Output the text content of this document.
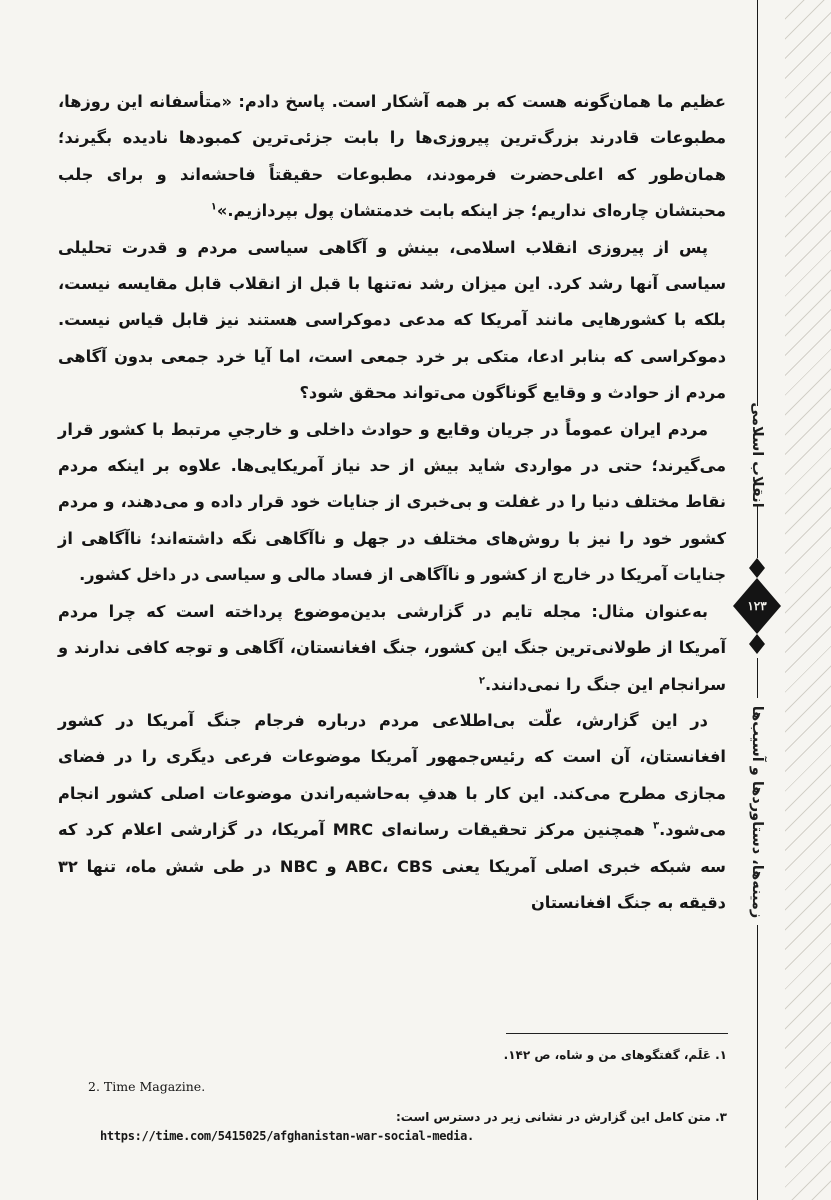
عظیم ما همان‌گونه هست که بر همه آشکار است. پاسخ دادم: «متأسفانه این روزها، مطبوعات قادرند بزرگ‌ترین پیروزی‌ها را بابت جزئی‌ترین کمبودها نادیده بگیرند؛ همان‌طور که اعلی‌حضرت فرمودند، مطبوعات حقیقتاً فاحشه‌اند و برای جلب محبتشان چاره‌ای نداریم؛ جز اینکه بابت خدمتشان پول بپردازیم.»$^۱$

پس از پیروزی انقلاب اسلامی، بینش و آگاهی سیاسی مردم و قدرت تحلیلی سیاسی آنها رشد کرد. این میزان رشد نه‌تنها با قبل از انقلاب قابل مقایسه نیست، بلکه با کشورهایی مانند آمریکا که مدعی دموکراسی هستند نیز قابل قیاس نیست. دموکراسی که بنابر ادعا، متکی بر خرد جمعی است، اما آیا خرد جمعی بدون آگاهی مردم از حوادث و وقایع گوناگون می‌تواند محقق شود؟

مردم ایران عموماً در جریان وقایع و حوادث داخلی و خارجیِ مرتبط با کشور قرار می‌گیرند؛ حتی در مواردی شاید بیش از حد نیاز آمریکایی‌ها. علاوه بر اینکه مردم نقاط مختلف دنیا را در غفلت و بی‌خبری از جنایات خود قرار داده و می‌دهند، و مردم کشور خود را نیز با روش‌های مختلف در جهل و ناآگاهی نگه داشته‌اند؛ ناآگاهی از جنایات آمریکا در خارج از کشور و ناآگاهی از فساد مالی و سیاسی در داخل کشور.

به‌عنوان مثال: مجله تایم در گزارشی بدین‌موضوع پرداخته است که چرا مردم آمریکا از طولانی‌ترین جنگ این کشور، جنگ افغانستان، آگاهی و توجه کافی ندارند و سرانجام این جنگ را نمی‌دانند.$^۲$

در این گزارش، علّت بی‌اطلاعی مردم درباره فرجام جنگ آمریکا در کشور افغانستان، آن است که رئیس‌جمهور آمریکا موضوعات فرعی دیگری را در فضای مجازی مطرح می‌کند. این کار با هدفِ به‌حاشیه‌راندن موضوعات اصلی کشور انجام می‌شود.$^۳$ همچنین مرکز تحقیقات رسانه‌ای MRC آمریکا، در گزارشی اعلام کرد که سه شبکه خبری اصلی آمریکا یعنی ABC، CBS و NBC در طی شش ماه، تنها ۳۲ دقیقه به جنگ افغانستان

۱. عَلَم، گفتگوهای من و شاه، ص ۱۴۲.
2. Time Magazine.
۳. متن کامل این گزارش در نشانی زیر در دسترس است:
https://time.com/5415025/afghanistan-war-social-media.
انقلاب اسلامی
۱۲۳
زمینه‌ها، دستاوردها و آسیب‌ها
